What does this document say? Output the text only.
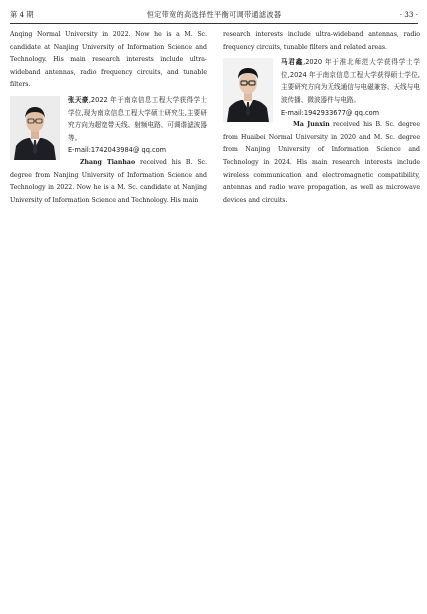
第 4 期	恒定带宽的高选择性平衡可调带通滤波器	· 33 ·

Anqing Normal University in 2022. Now he is a M. Sc. candidate at Nanjing University of Information Science and Technology. His main research interests include ultra-wideband antennas, radio frequency circuits, and tunable filters.

张天豪,2022 年于南京信息工程大学获得学士学位,现为南京信息工程大学硕士研究生,主要研究方向为超宽带天线、射频电路、可调谐滤波器等。

E-mail:1742043984@ qq.com

Zhang Tianhao received his B. Sc. degree from Nanjing University of Information Science and Technology in 2022. Now he is a M. Sc. candidate at Nanjing University of Information Science and Technology. His main

research interests include ultra-wideband antennas, radio frequency circuits, tunable filters and related areas.

马君鑫,2020 年于淮北师范大学获得学士学位,2024 年于南京信息工程大学获得硕士学位,主要研究方向为无线通信与电磁兼容、天线与电波传播、微波器件与电路。

E-mail:1942933677@ qq.com

Ma Junxin received his B. Sc. degree from Huaibei Normal University in 2020 and M. Sc. degree from Nanjing University of Information Science and Technology in 2024. His main research interests include wireless communication and electromagnetic compatibility, antennas and radio wave propagation, as well as microwave devices and circuits.
